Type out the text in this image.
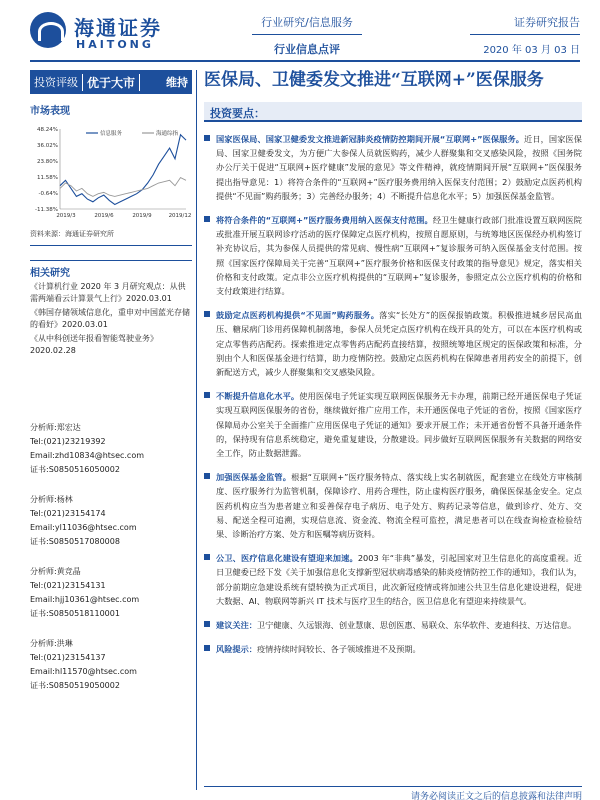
海通证券
HAITONG
行业研究/信息服务
行业信息点评
证券研究报告
2020 年 03 月 03 日
投资评级 优于大市	维持
市场表现
48.24%
36.02%
23.80%
11.58%
-0.64%
-11.38%
2019/3	2019/6	2019/9	2019/12
信息服务	海通综指
资料来源：海通证券研究所
相关研究
《计算机行业 2020 年 3 月研究观点：从供需两端看云计算景气上行》2020.03.01
《韩国存储领域信息化，重申对中国蓝光存储的看好》2020.03.01
《从中科创送年报看智能驾驶业务》2020.02.28
分析师:郑宏达
Tel:(021)23219392
Email:zhd10834@htsec.com
证书:S0850516050002
分析师:杨林
Tel:(021)23154174
Email:yl11036@htsec.com
证书:S0850517080008
分析师:黄竞晶
Tel:(021)23154131
Email:hjj10361@htsec.com
证书:S0850518110001
分析师:洪琳
Tel:(021)23154137
Email:hl11570@htsec.com
证书:S0850519050002
医保局、卫健委发文推进“互联网+”医保服务
投资要点：
国家医保局、国家卫健委发文推进新冠肺炎疫情防控期间开展“互联网+”医保服务。近日，国家医保局、国家卫健委发文，为方便广大参保人员就医购药，减少人群聚集和交叉感染风险，按照《国务院办公厅关于促进“互联网+医疗健康”发展的意见》等文件精神，就疫情期间开展“互联网+”医保服务提出指导意见：1）将符合条件的“互联网+”医疗服务费用纳入医保支付范围；2）鼓励定点医药机构提供“不见面”购药服务；3）完善经办服务；4）不断提升信息化水平；5）加强医保基金监管。
将符合条件的“互联网+”医疗服务费用纳入医保支付范围。经卫生健康行政部门批准设置互联网医院或批准开展互联网诊疗活动的医疗保障定点医疗机构，按照自愿原则，与统筹地区医保经办机构签订补充协议后，其为参保人员提供的常见病、慢性病“互联网+”复诊服务可纳入医保基金支付范围。按照《国家医疗保障局关于完善“互联网+”医疗服务价格和医保支付政策的指导意见》规定，落实相关价格和支付政策。定点非公立医疗机构提供的“互联网+”复诊服务，参照定点公立医疗机构的价格和支付政策进行结算。
鼓励定点医药机构提供“不见面”购药服务。落实“长处方”的医保报销政策。积极推进城乡居民高血压、糖尿病门诊用药保障机制落地，参保人员凭定点医疗机构在线开具的处方，可以在本医疗机构或定点零售药店配药。探索推进定点零售药店配药直接结算，按照统筹地区规定的医保政策和标准，分别由个人和医保基金进行结算，助力疫情防控。鼓励定点医药机构在保障患者用药安全的前提下，创新配送方式，减少人群聚集和交叉感染风险。
不断提升信息化水平。使用医保电子凭证实现互联网医保服务无卡办理，前期已经开通医保电子凭证实现互联网医保服务的省份，继续做好推广应用工作，未开通医保电子凭证的省份，按照《国家医疗保障局办公室关于全面推广应用医保电子凭证的通知》要求开展工作；未开通省份暂不具备开通条件的，保持现有信息系统稳定，避免重复建设，分散建设。同步做好互联网医保服务有关数据的网络安全工作，防止数据泄露。
加强医保基金监管。根据“互联网+”医疗服务特点、落实线上实名制就医，配套建立在线处方审核制度、医疗服务行为监管机制，保障诊疗、用药合理性，防止虚构医疗服务，确保医保基金安全。定点医药机构应当为患者建立和妥善保存电子病历、电子处方、购药记录等信息，做到诊疗、处方、交易、配送全程可追溯，实现信息流、资金流、物流全程可监控，满足患者可以在线查询检查检验结果、诊断治疗方案、处方和医嘱等病历资料。
公卫、医疗信息化建设有望迎来加速。2003 年“非典”暴发，引起国家对卫生信息化的高度重视。近日卫健委已经下发《关于加强信息化支撑新型冠状病毒感染的肺炎疫情防控工作的通知》，我们认为，部分前期应急建设系统有望转换为正式项目，此次新冠疫情或将加速公共卫生信息化建设进程，促进大数据、AI、物联网等新兴 IT 技术与医疗卫生的结合，医卫信息化有望迎来持续景气。
建议关注：卫宁健康、久远银海、创业慧康、思创医惠、易联众、东华软件、麦迪科技、万达信息。
风险提示：疫情持续时间较长、各子领域推进不及预期。
请务必阅读正文之后的信息披露和法律声明
